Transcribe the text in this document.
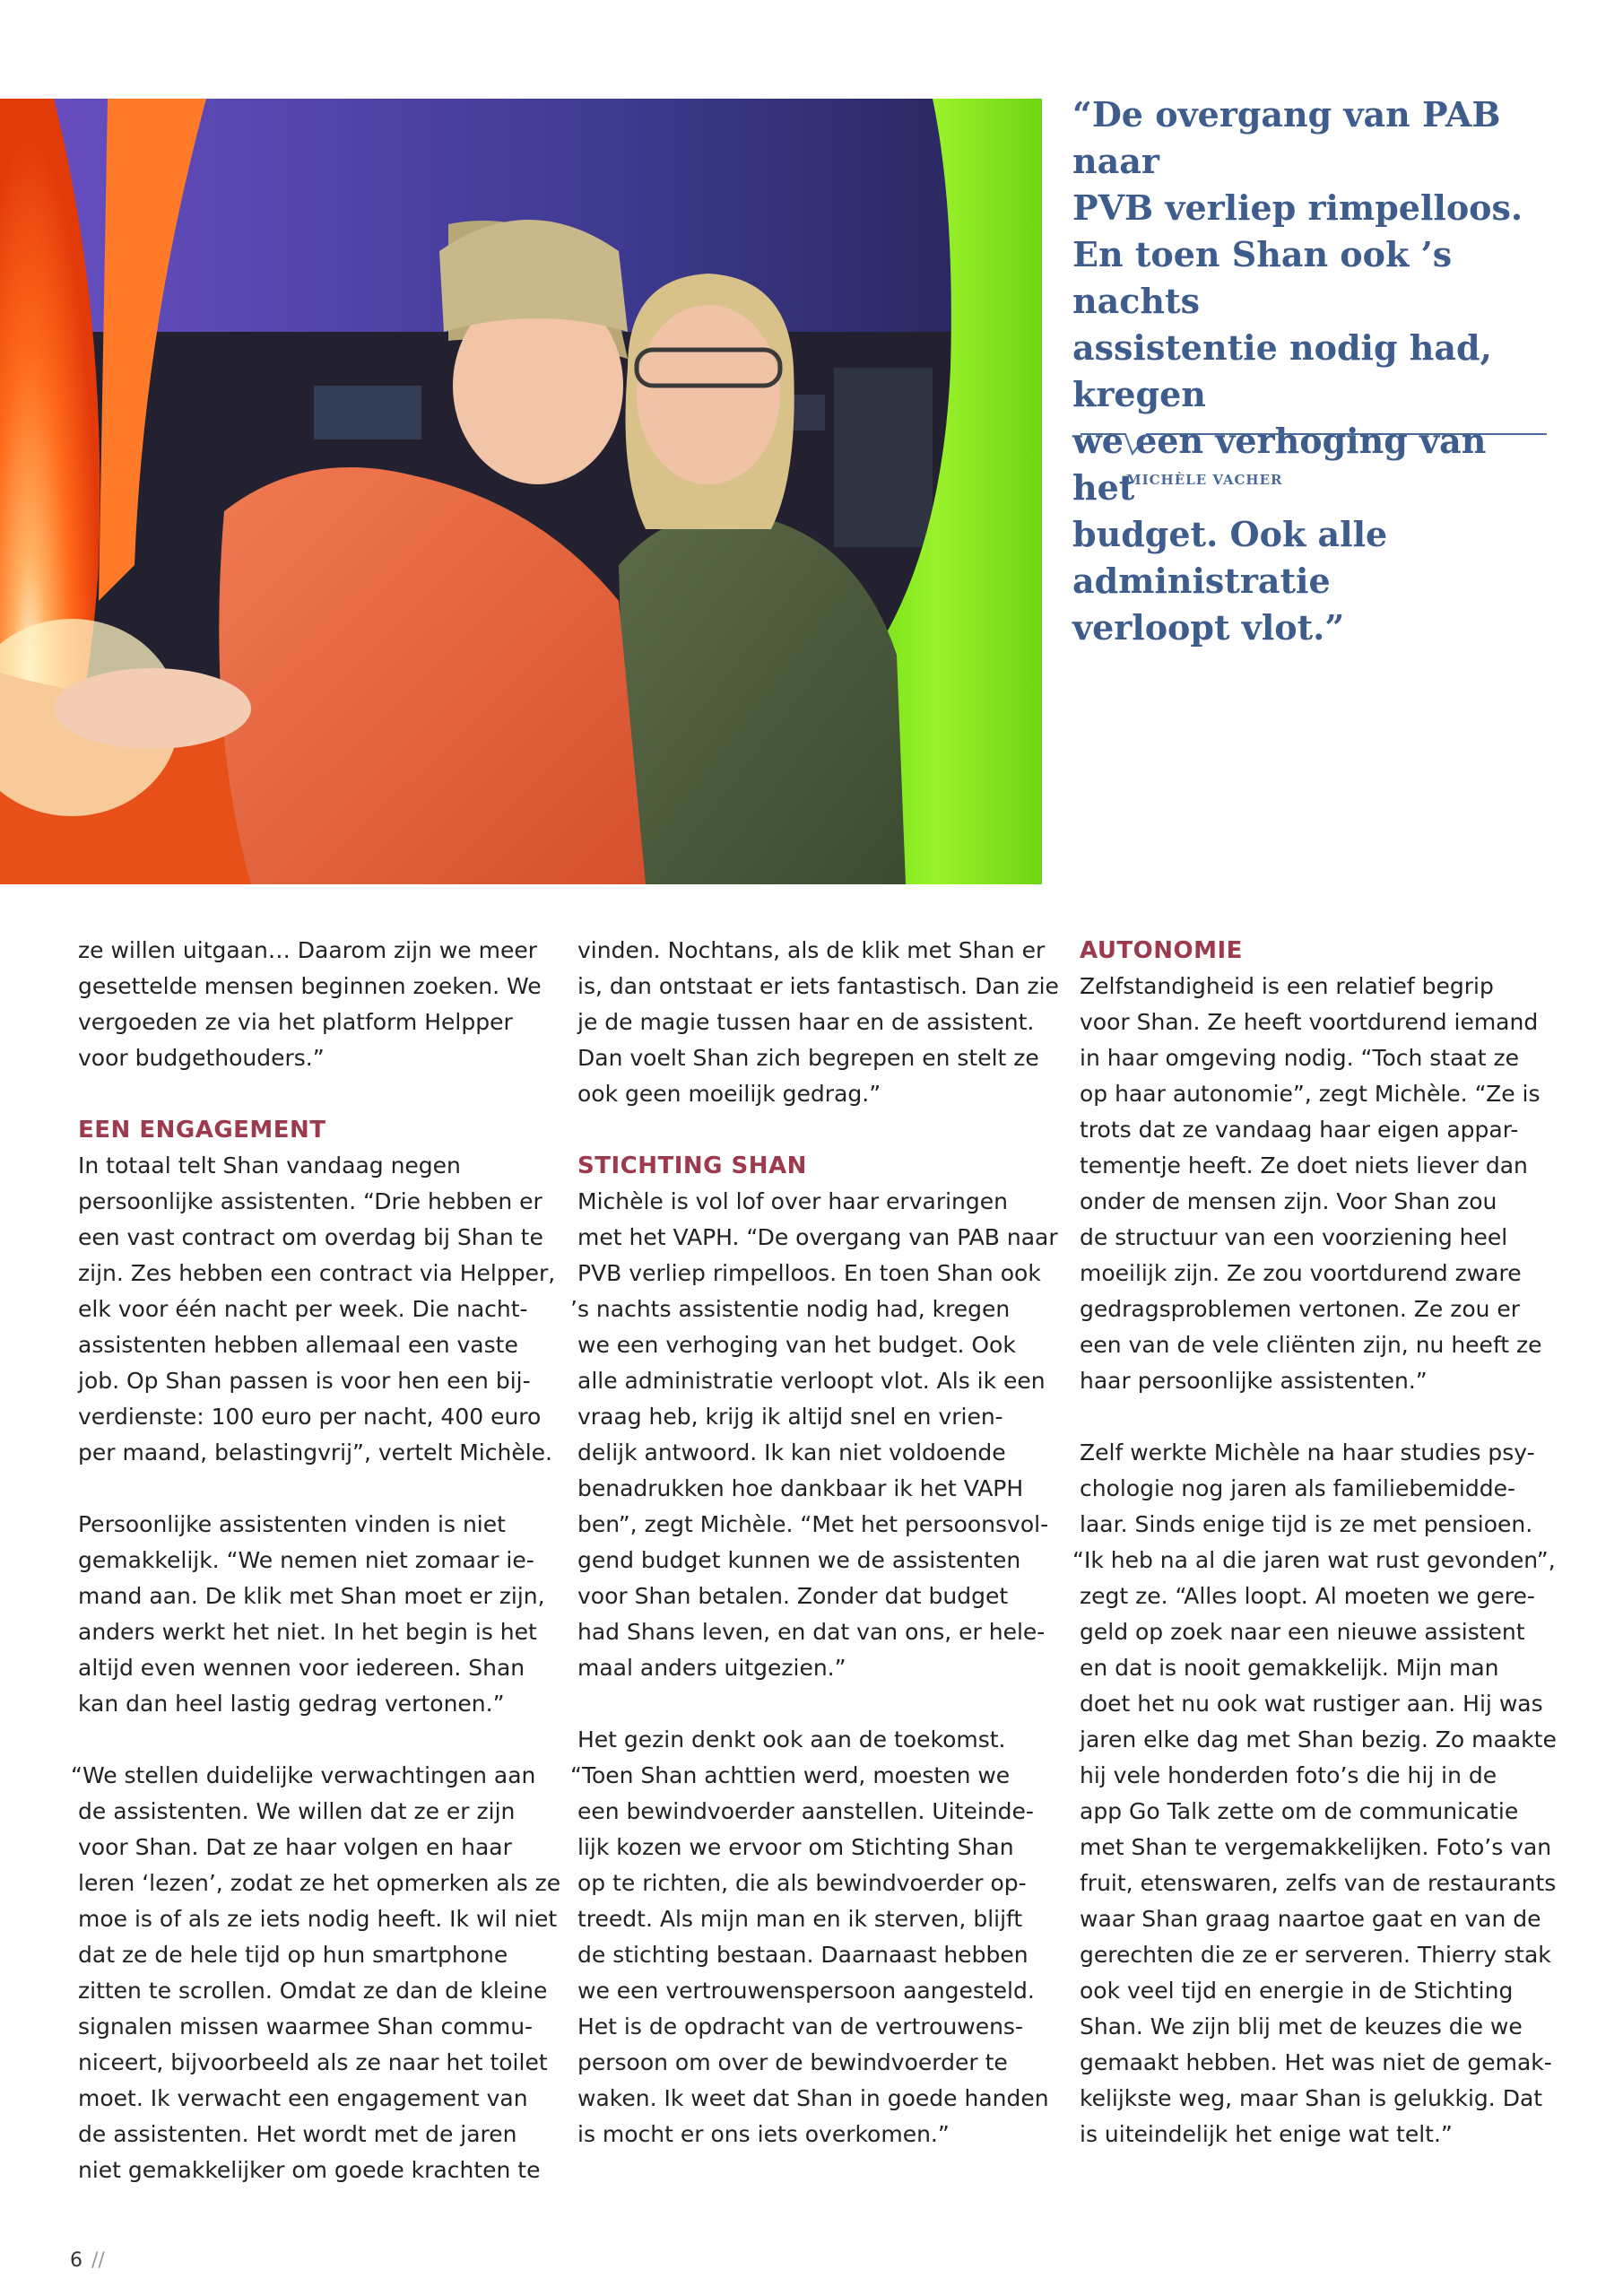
“De overgang van PAB naar
PVB verliep rimpelloos.
En toen Shan ook ’s nachts
assistentie nodig had, kregen
we een verhoging van het
budget. Ook alle administratie
verloopt vlot.”
MICHÈLE VACHER

ze willen uitgaan… Daarom zijn we meer
gesettelde mensen beginnen zoeken. We
vergoeden ze via het platform Helpper
voor budgethouders.”

EEN ENGAGEMENT

In totaal telt Shan vandaag negen
persoonlijke assistenten. “Drie hebben er
een vast contract om overdag bij Shan te
zijn. Zes hebben een contract via Helpper,
elk voor één nacht per week. Die nacht-
assistenten hebben allemaal een vaste
job. Op Shan passen is voor hen een bij-
verdienste: 100 euro per nacht, 400 euro
per maand, belastingvrij”, vertelt Michèle.

Persoonlijke assistenten vinden is niet
gemakkelijk. “We nemen niet zomaar ie-
mand aan. De klik met Shan moet er zijn,
anders werkt het niet. In het begin is het
altijd even wennen voor iedereen. Shan
kan dan heel lastig gedrag vertonen.”

“We stellen duidelijke verwachtingen aan
de assistenten. We willen dat ze er zijn
voor Shan. Dat ze haar volgen en haar
leren ‘lezen’, zodat ze het opmerken als ze
moe is of als ze iets nodig heeft. Ik wil niet
dat ze de hele tijd op hun smartphone
zitten te scrollen. Omdat ze dan de kleine
signalen missen waarmee Shan commu-
niceert, bijvoorbeeld als ze naar het toilet
moet. Ik verwacht een engagement van
de assistenten. Het wordt met de jaren
niet gemakkelijker om goede krachten te

vinden. Nochtans, als de klik met Shan er
is, dan ontstaat er iets fantastisch. Dan zie
je de magie tussen haar en de assistent.
Dan voelt Shan zich begrepen en stelt ze
ook geen moeilijk gedrag.”

STICHTING SHAN

Michèle is vol lof over haar ervaringen
met het VAPH. “De overgang van PAB naar
PVB verliep rimpelloos. En toen Shan ook
’s nachts assistentie nodig had, kregen
we een verhoging van het budget. Ook
alle administratie verloopt vlot. Als ik een
vraag heb, krijg ik altijd snel en vrien-
delijk antwoord. Ik kan niet voldoende
benadrukken hoe dankbaar ik het VAPH
ben”, zegt Michèle. “Met het persoonsvol-
gend budget kunnen we de assistenten
voor Shan betalen. Zonder dat budget
had Shans leven, en dat van ons, er hele-
maal anders uitgezien.”

Het gezin denkt ook aan de toekomst.
“Toen Shan achttien werd, moesten we
een bewindvoerder aanstellen. Uiteinde-
lijk kozen we ervoor om Stichting Shan
op te richten, die als bewindvoerder op-
treedt. Als mijn man en ik sterven, blijft
de stichting bestaan. Daarnaast hebben
we een vertrouwenspersoon aangesteld.
Het is de opdracht van de vertrouwens-
persoon om over de bewindvoerder te
waken. Ik weet dat Shan in goede handen
is mocht er ons iets overkomen.”

AUTONOMIE

Zelfstandigheid is een relatief begrip
voor Shan. Ze heeft voortdurend iemand
in haar omgeving nodig. “Toch staat ze
op haar autonomie”, zegt Michèle. “Ze is
trots dat ze vandaag haar eigen appar-
tementje heeft. Ze doet niets liever dan
onder de mensen zijn. Voor Shan zou
de structuur van een voorziening heel
moeilijk zijn. Ze zou voortdurend zware
gedragsproblemen vertonen. Ze zou er
een van de vele cliënten zijn, nu heeft ze
haar persoonlijke assistenten.”

Zelf werkte Michèle na haar studies psy-
chologie nog jaren als familiebemidde-
laar. Sinds enige tijd is ze met pensioen.
“Ik heb na al die jaren wat rust gevonden”,
zegt ze. “Alles loopt. Al moeten we gere-
geld op zoek naar een nieuwe assistent
en dat is nooit gemakkelijk. Mijn man
doet het nu ook wat rustiger aan. Hij was
jaren elke dag met Shan bezig. Zo maakte
hij vele honderden foto’s die hij in de
app Go Talk zette om de communicatie
met Shan te vergemakkelijken. Foto’s van
fruit, etenswaren, zelfs van de restaurants
waar Shan graag naartoe gaat en van de
gerechten die ze er serveren. Thierry stak
ook veel tijd en energie in de Stichting
Shan. We zijn blij met de keuzes die we
gemaakt hebben. Het was niet de gemak-
kelijkste weg, maar Shan is gelukkig. Dat
is uiteindelijk het enige wat telt.”

6 //
